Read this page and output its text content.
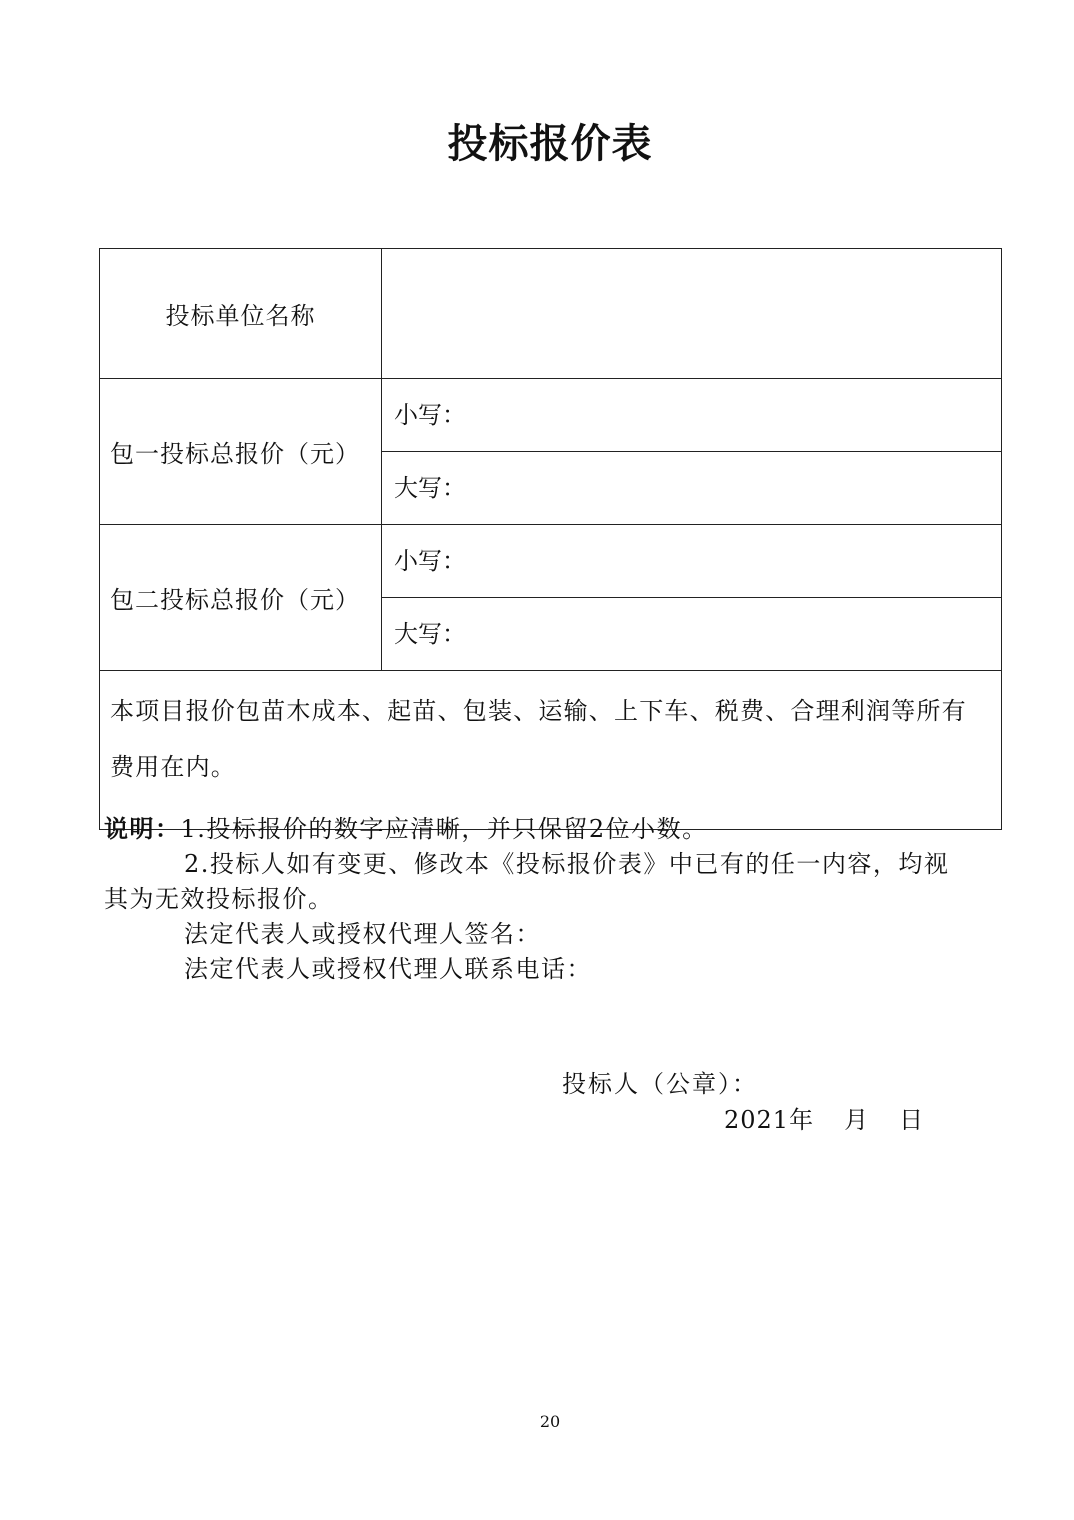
投标报价表
投标单位名称	
包一投标总报价（元）	小写：
	大写：
包二投标总报价（元）	小写：
	大写：
本项目报价包苗木成本、起苗、包装、运输、上下车、税费、合理利润等所有费用在内。	
说明：1.投标报价的数字应清晰，并只保留2位小数。
2.投标人如有变更、修改本《投标报价表》中已有的任一内容，均视
其为无效投标报价。
法定代表人或授权代理人签名：
法定代表人或授权代理人联系电话：
投标人（公章）：
2021年 月 日
20
